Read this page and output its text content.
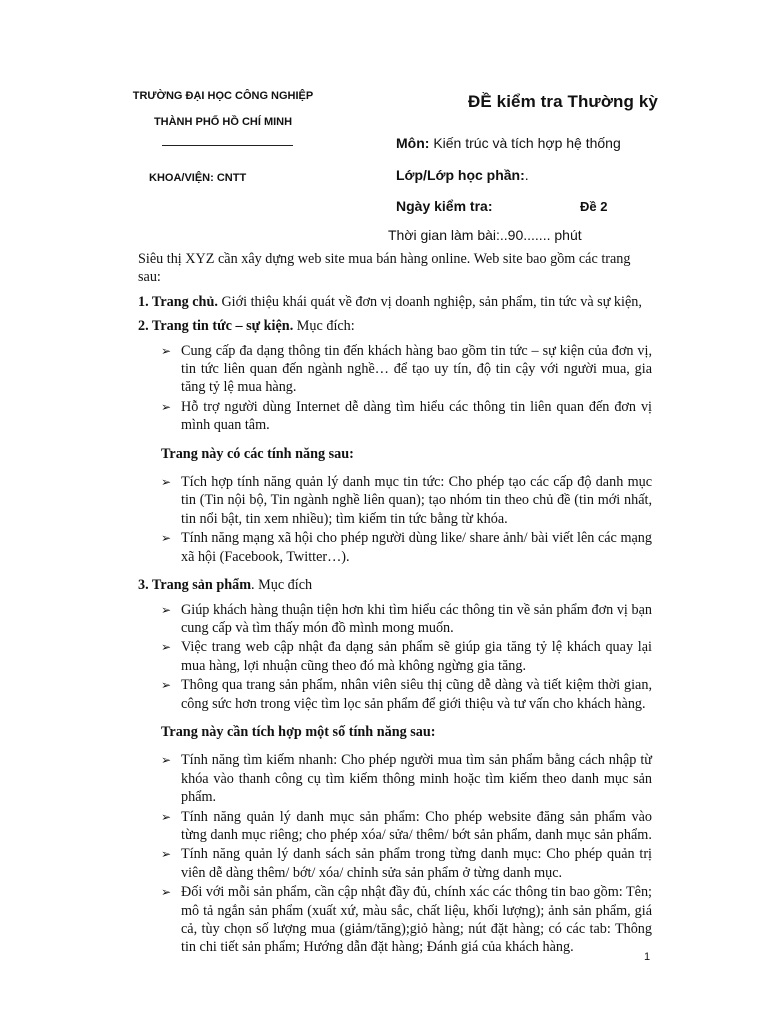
TRƯỜNG ĐẠI HỌC CÔNG NGHIỆP
THÀNH PHỐ HỒ CHÍ MINH
KHOA/VIỆN: CNTT
ĐỀ kiểm tra Thường kỳ
Môn: Kiến trúc và tích hợp hệ thống
Lớp/Lớp học phần:.
Ngày kiểm tra:	Đề 2
Thời gian làm bài:..90....... phút

Siêu thị XYZ cần xây dựng web site mua bán hàng online. Web site bao gồm các trang sau:

1. Trang chủ. Giới thiệu khái quát về đơn vị doanh nghiệp, sản phẩm, tin tức và sự kiện,

2. Trang tin tức – sự kiện. Mục đích:

➢ Cung cấp đa dạng thông tin đến khách hàng bao gồm tin tức – sự kiện của đơn vị, tin tức liên quan đến ngành nghề… để tạo uy tín, độ tin cậy với người mua, gia tăng tỷ lệ mua hàng.
➢ Hỗ trợ người dùng Internet dễ dàng tìm hiểu các thông tin liên quan đến đơn vị mình quan tâm.

Trang này có các tính năng sau:

➢ Tích hợp tính năng quản lý danh mục tin tức: Cho phép tạo các cấp độ danh mục tin (Tin nội bộ, Tin ngành nghề liên quan); tạo nhóm tin theo chủ đề (tin mới nhất, tin nổi bật, tin xem nhiều); tìm kiếm tin tức bằng từ khóa.
➢ Tính năng mạng xã hội cho phép người dùng like/ share ảnh/ bài viết lên các mạng xã hội (Facebook, Twitter…).

3. Trang sản phẩm. Mục đích

➢ Giúp khách hàng thuận tiện hơn khi tìm hiểu các thông tin về sản phẩm đơn vị bạn cung cấp và tìm thấy món đồ mình mong muốn.
➢ Việc trang web cập nhật đa dạng sản phẩm sẽ giúp gia tăng tỷ lệ khách quay lại mua hàng, lợi nhuận cũng theo đó mà không ngừng gia tăng.
➢ Thông qua trang sản phẩm, nhân viên siêu thị cũng dễ dàng và tiết kiệm thời gian, công sức hơn trong việc tìm lọc sản phẩm để giới thiệu và tư vấn cho khách hàng.

Trang này cần tích hợp một số tính năng sau:

➢ Tính năng tìm kiếm nhanh: Cho phép người mua tìm sản phẩm bằng cách nhập từ khóa vào thanh công cụ tìm kiếm thông minh hoặc tìm kiếm theo danh mục sản phẩm.
➢ Tính năng quản lý danh mục sản phẩm: Cho phép website đăng sản phẩm vào từng danh mục riêng; cho phép xóa/ sửa/ thêm/ bớt sản phẩm, danh mục sản phẩm.
➢ Tính năng quản lý danh sách sản phẩm trong từng danh mục: Cho phép quản trị viên dễ dàng thêm/ bớt/ xóa/ chỉnh sửa sản phẩm ở từng danh mục.
➢ Đối với mỗi sản phẩm, cần cập nhật đầy đủ, chính xác các thông tin bao gồm: Tên; mô tả ngắn sản phẩm (xuất xứ, màu sắc, chất liệu, khối lượng); ảnh sản phẩm, giá cả, tùy chọn số lượng mua (giảm/tăng);giỏ hàng; nút đặt hàng; có các tab: Thông tin chi tiết sản phẩm; Hướng dẫn đặt hàng; Đánh giá của khách hàng.
1
